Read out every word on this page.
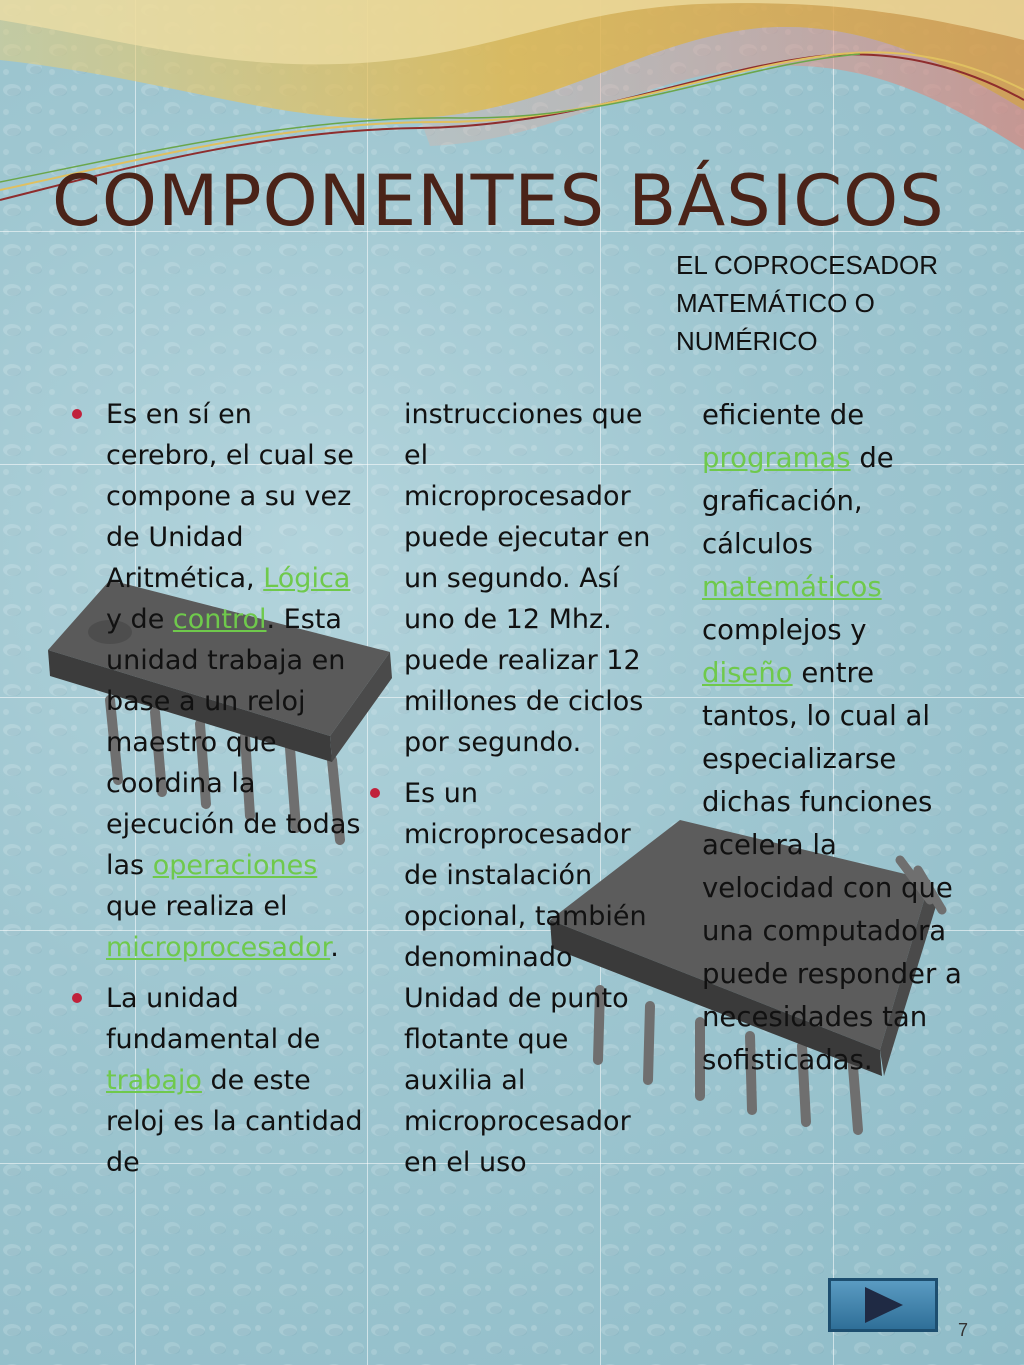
COMPONENTES BÁSICOS
EL COPROCESADOR
MATEMÁTICO O
NUMÉRICO

Es en sí en cerebro, el cual se compone a su vez de Unidad Aritmética, Lógica y de control. Esta unidad trabaja en base a un reloj maestro que coordina la ejecución de todas las operaciones que realiza el microprocesador.

La unidad fundamental de trabajo de este reloj es la cantidad de

instrucciones que el microprocesador puede ejecutar en un segundo. Así uno de 12 Mhz. puede realizar 12 millones de ciclos por segundo.

Es un microprocesador de instalación opcional, también denominado Unidad de punto flotante que auxilia al microprocesador en el uso

eficiente de programas de graficación, cálculos matemáticos complejos y diseño entre tantos, lo cual al especializarse dichas funciones acelera la velocidad con que una computadora puede responder a necesidades tan sofisticadas.

7
